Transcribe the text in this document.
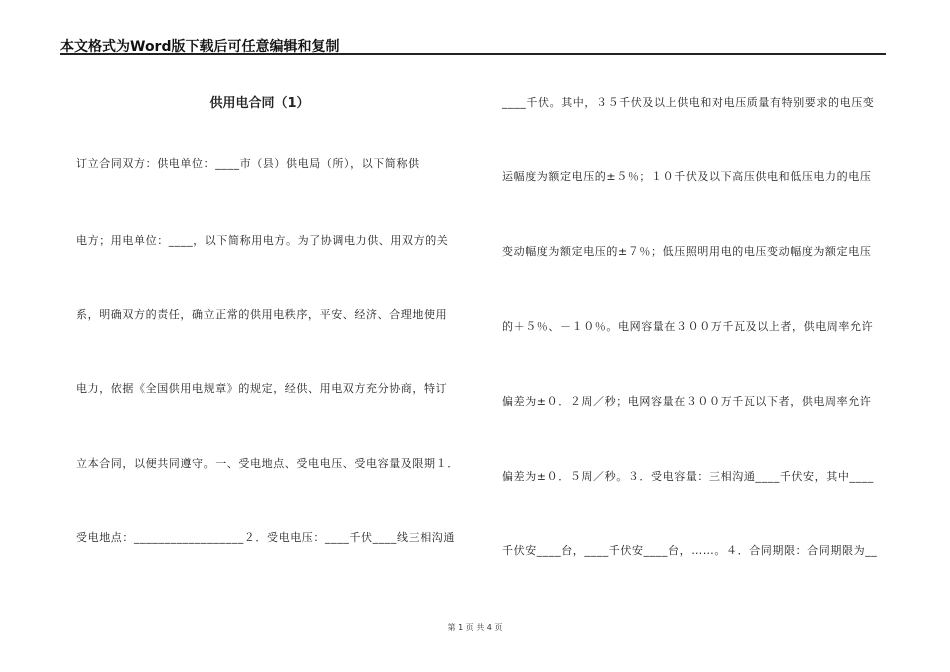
本文格式为Word版下载后可任意编辑和复制
供用电合同（1）
订立合同双方：供电单位：____市（县）供电局（所），以下简称供
电方；用电单位：____，以下简称用电方。为了协调电力供、用双方的关
系，明确双方的责任，确立正常的供用电秩序，平安、经济、合理地使用
电力，依据《全国供用电规章》的规定，经供、用电双方充分协商，特订
立本合同，以便共同遵守。一、受电地点、受电电压、受电容量及限期１．
受电地点：__________________２．受电电压：____千伏____线三相沟通
____千伏。其中，３５千伏及以上供电和对电压质量有特别要求的电压变
运幅度为额定电压的±５％；１０千伏及以下高压供电和低压电力的电压
变动幅度为额定电压的±７％；低压照明用电的电压变动幅度为额定电压
的＋５％、－１０％。电网容量在３００万千瓦及以上者，供电周率允许
偏差为±０．２周／秒；电网容量在３００万千瓦以下者，供电周率允许
偏差为±０．５周／秒。３．受电容量：三相沟通____千伏安，其中____
千伏安____台，____千伏安____台，……。４．合同期限：合同期限为__
第 1 页 共 4 页
